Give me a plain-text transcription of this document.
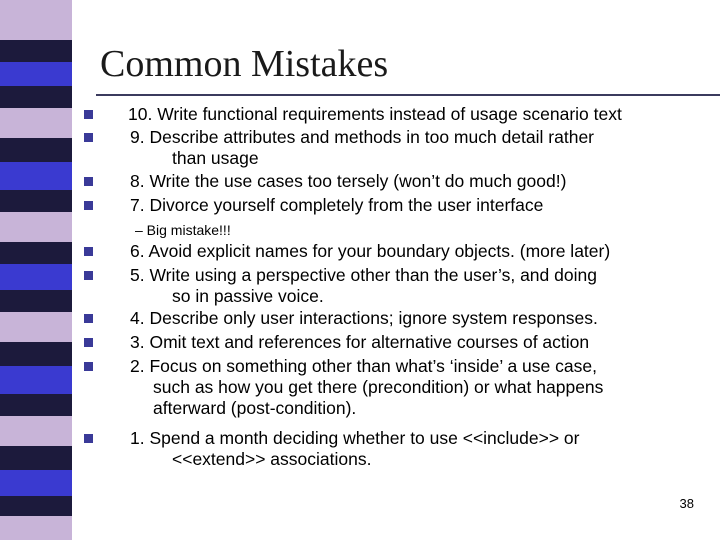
Common Mistakes
10. Write functional requirements instead of usage scenario text
9. Describe attributes and methods in too much detail rather
than usage
8. Write the use cases too tersely (won’t do much good!)
7. Divorce yourself completely from the user interface
– Big mistake!!!
6. Avoid explicit names for your boundary objects. (more later)
5. Write using a perspective other than the user’s, and doing
so in passive voice.
4. Describe only user interactions; ignore system responses.
3. Omit text and references for alternative courses of action
2. Focus on something other than what’s ‘inside’ a use case,
such as how you get there (precondition) or what happens
afterward (post-condition).
1. Spend a month deciding whether to use <<include>> or
<<extend>> associations.
38
